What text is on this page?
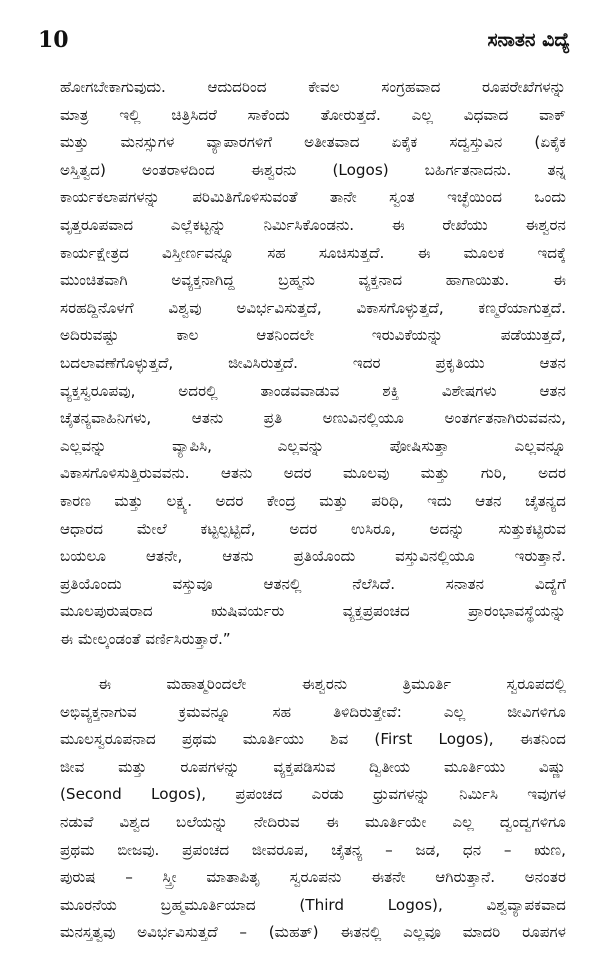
10	ಸನಾತನ ವಿದ್ಯೆ
ಹೋಗಬೇಕಾಗುವುದು. ಆದುದರಿಂದ ಕೇವಲ ಸಂಗ್ರಹವಾದ ರೂಪರೇಖೆಗಳನ್ನು
ಮಾತ್ರ ಇಲ್ಲಿ ಚಿತ್ರಿಸಿದರೆ ಸಾಕೆಂದು ತೋರುತ್ತದೆ. ಎಲ್ಲ ವಿಧವಾದ ವಾಕ್
ಮತ್ತು ಮನಸ್ಸುಗಳ ವ್ಯಾಪಾರಗಳಿಗೆ ಅತೀತವಾದ ಏಕೈಕ ಸದ್ವಸ್ತುವಿನ (ಏಕೈಕ
ಅಸ್ತಿತ್ವದ) ಅಂತರಾಳದಿಂದ ಈಶ್ವರನು (Logos) ಬಹಿರ್ಗತನಾದನು. ತನ್ನ
ಕಾರ್ಯಕಲಾಪಗಳನ್ನು ಪರಿಮಿತಿಗೊಳಿಸುವಂತೆ ತಾನೇ ಸ್ವಂತ ಇಚ್ಛೆಯಿಂದ ಒಂದು
ವೃತ್ತರೂಪವಾದ ಎಲ್ಲೆಕಟ್ಟನ್ನು ನಿರ್ಮಿಸಿಕೊಂಡನು. ಈ ರೇಖೆಯು ಈಶ್ವರನ
ಕಾರ್ಯಕ್ಷೇತ್ರದ ವಿಸ್ತೀರ್ಣವನ್ನೂ ಸಹ ಸೂಚಿಸುತ್ತದೆ. ಈ ಮೂಲಕ ಇದಕ್ಕೆ
ಮುಂಚಿತವಾಗಿ ಅವ್ಯಕ್ತನಾಗಿದ್ದ ಬ್ರಹ್ಮನು ವ್ಯಕ್ತನಾದ ಹಾಗಾಯಿತು. ಈ
ಸರಹದ್ದಿನೊಳಗೆ ವಿಶ್ವವು ಅವಿರ್ಭವಿಸುತ್ತದೆ, ವಿಕಾಸಗೊಳ್ಳುತ್ತದೆ, ಕಣ್ಮರೆಯಾಗುತ್ತದೆ.
ಅದಿರುವಷ್ಟು ಕಾಲ ಆತನಿಂದಲೇ ಇರುವಿಕೆಯನ್ನು ಪಡೆಯುತ್ತದೆ,
ಬದಲಾವಣೆಗೊಳ್ಳುತ್ತದೆ, ಜೀವಿಸಿರುತ್ತದೆ. ಇದರ ಪ್ರಕೃತಿಯು ಆತನ
ವ್ಯಕ್ತಸ್ವರೂಪವು, ಅದರಲ್ಲಿ ತಾಂಡವವಾಡುವ ಶಕ್ತಿ ವಿಶೇಷಗಳು ಆತನ
ಚೈತನ್ಯವಾಹಿನಿಗಳು, ಆತನು ಪ್ರತಿ ಅಣುವಿನಲ್ಲಿಯೂ ಅಂತರ್ಗತನಾಗಿರುವವನು,
ಎಲ್ಲವನ್ನು ವ್ಯಾಪಿಸಿ, ಎಲ್ಲವನ್ನು ಪೋಷಿಸುತ್ತಾ ಎಲ್ಲವನ್ನೂ
ವಿಕಾಸಗೊಳಿಸುತ್ತಿರುವವನು. ಆತನು ಅದರ ಮೂಲವು ಮತ್ತು ಗುರಿ, ಅದರ
ಕಾರಣ ಮತ್ತು ಲಕ್ಷ್ಯ. ಅದರ ಕೇಂದ್ರ ಮತ್ತು ಪರಿಧಿ, ಇದು ಆತನ ಚೈತನ್ಯದ
ಆಧಾರದ ಮೇಲೆ ಕಟ್ಟಲ್ಪಟ್ಟಿದೆ, ಅದರ ಉಸಿರೂ, ಅದನ್ನು ಸುತ್ತುಕಟ್ಟಿರುವ
ಬಯಲೂ ಆತನೇ, ಆತನು ಪ್ರತಿಯೊಂದು ವಸ್ತುವಿನಲ್ಲಿಯೂ ಇರುತ್ತಾನೆ.
ಪ್ರತಿಯೊಂದು ವಸ್ತುವೂ ಆತನಲ್ಲಿ ನೆಲೆಸಿದೆ. ಸನಾತನ ವಿದ್ಯೆಗೆ
ಮೂಲಪುರುಷರಾದ ಋಷಿವರ್ಯರು ವ್ಯಕ್ತಪ್ರಪಂಚದ ಪ್ರಾರಂಭಾವಸ್ಥೆಯನ್ನು
ಈ ಮೇಲ್ಕಂಡಂತೆ ವರ್ಣಿಸಿರುತ್ತಾರೆ.”
ಈ ಮಹಾತ್ಮರಿಂದಲೇ ಈಶ್ವರನು ತ್ರಿಮೂರ್ತಿ ಸ್ವರೂಪದಲ್ಲಿ
ಅಭಿವ್ಯಕ್ತನಾಗುವ ಕ್ರಮವನ್ನೂ ಸಹ ತಿಳಿದಿರುತ್ತೇವೆ: ಎಲ್ಲ ಜೀವಿಗಳಿಗೂ
ಮೂಲಸ್ವರೂಪನಾದ ಪ್ರಥಮ ಮೂರ್ತಿಯು ಶಿವ (First Logos), ಈತನಿಂದ
ಜೀವ ಮತ್ತು ರೂಪಗಳನ್ನು ವ್ಯಕ್ತಪಡಿಸುವ ದ್ವಿತೀಯ ಮೂರ್ತಿಯು ವಿಷ್ಣು
(Second Logos), ಪ್ರಪಂಚದ ಎರಡು ಧ್ರುವಗಳನ್ನು ನಿರ್ಮಿಸಿ ಇವುಗಳ
ನಡುವೆ ವಿಶ್ವದ ಬಲೆಯನ್ನು ನೇದಿರುವ ಈ ಮೂರ್ತಿಯೇ ಎಲ್ಲ ದ್ವಂದ್ವಗಳಿಗೂ
ಪ್ರಥಮ ಬೀಜವು. ಪ್ರಪಂಚದ ಜೀವರೂಪ, ಚೈತನ್ಯ – ಜಡ, ಧನ – ಋಣ,
ಪುರುಷ – ಸ್ತ್ರೀ ಮಾತಾಪಿತೃ ಸ್ವರೂಪನು ಈತನೇ ಆಗಿರುತ್ತಾನೆ. ಅನಂತರ
ಮೂರನೆಯ ಬ್ರಹ್ಮಮೂರ್ತಿಯಾದ (Third Logos), ವಿಶ್ವವ್ಯಾಪಕವಾದ
ಮನಸ್ತತ್ವವು ಅವಿರ್ಭವಿಸುತ್ತದೆ – (ಮಹತ್) ಈತನಲ್ಲಿ ಎಲ್ಲವೂ ಮಾದರಿ ರೂಪಗಳ
